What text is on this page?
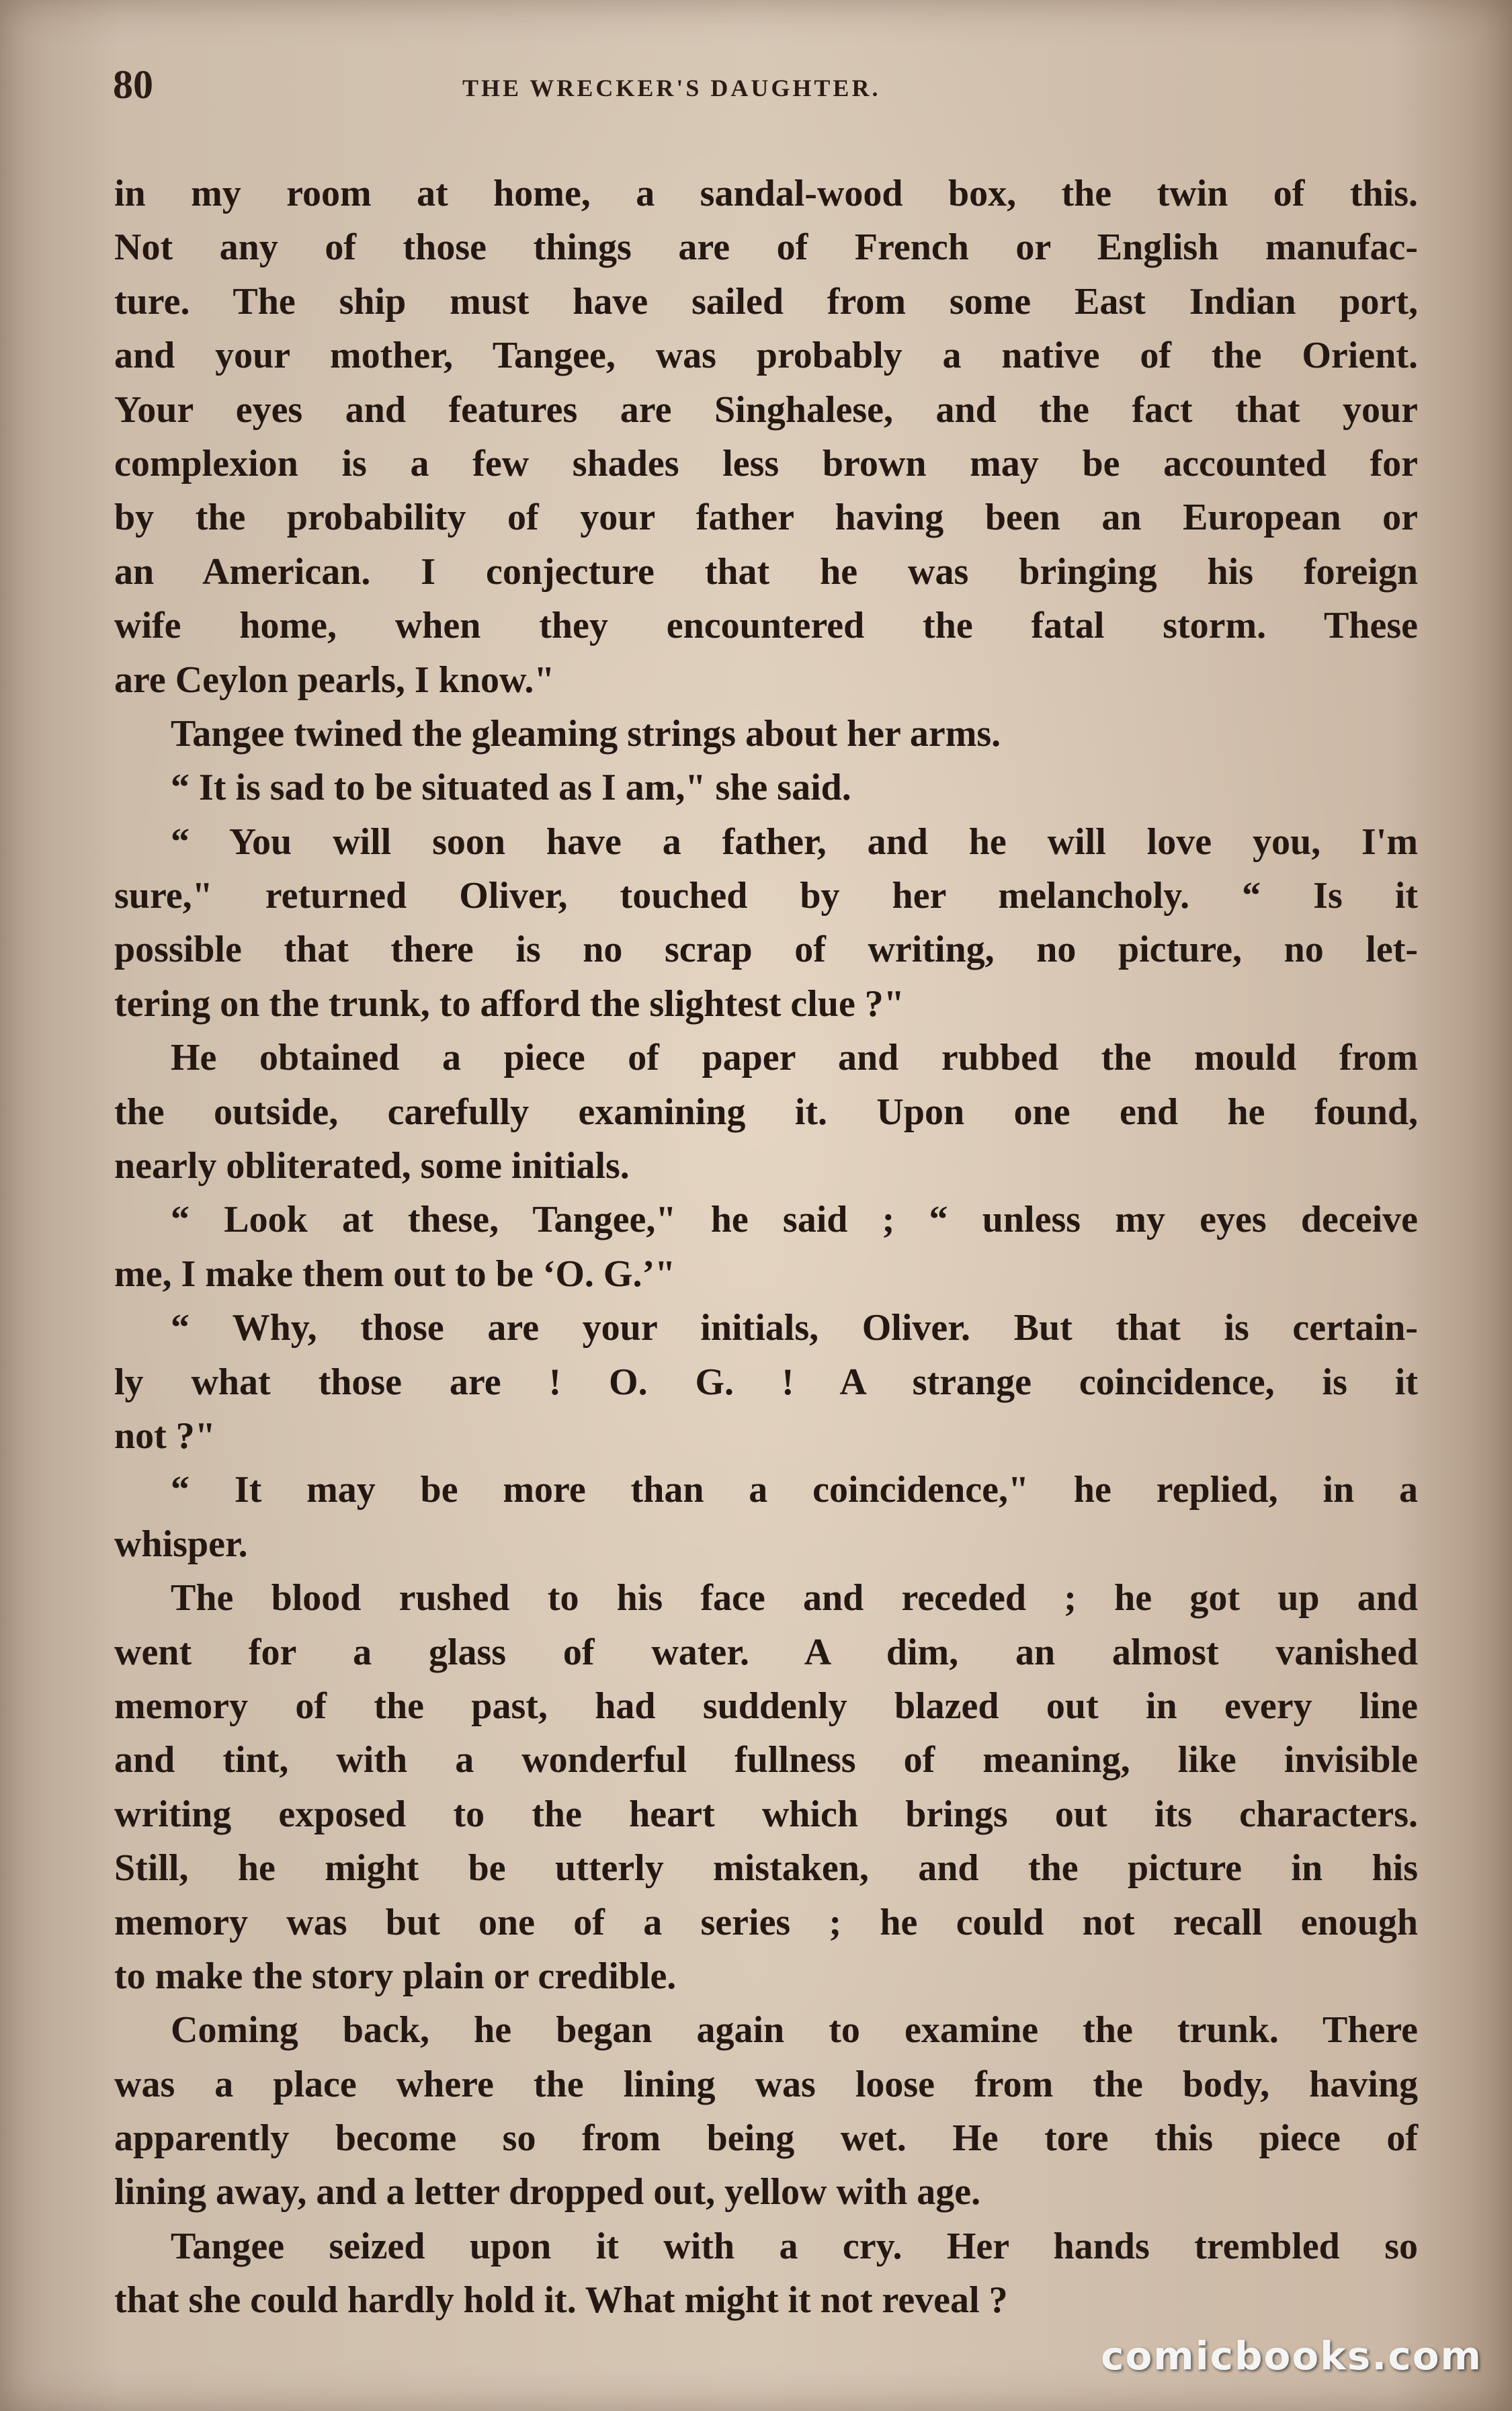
80	THE WRECKER'S DAUGHTER.
in my room at home, a sandal-wood box, the twin of this.
Not any of those things are of French or English manufac-
ture. The ship must have sailed from some East Indian port,
and your mother, Tangee, was probably a native of the Orient.
Your eyes and features are Singhalese, and the fact that your
complexion is a few shades less brown may be accounted for
by the probability of your father having been an European or
an American. I conjecture that he was bringing his foreign
wife home, when they encountered the fatal storm. These
are Ceylon pearls, I know."
Tangee twined the gleaming strings about her arms.
“ It is sad to be situated as I am," she said.
“ You will soon have a father, and he will love you, I'm
sure," returned Oliver, touched by her melancholy. “ Is it
possible that there is no scrap of writing, no picture, no let-
tering on the trunk, to afford the slightest clue ?"
He obtained a piece of paper and rubbed the mould from
the outside, carefully examining it. Upon one end he found,
nearly obliterated, some initials.
“ Look at these, Tangee," he said ; “ unless my eyes deceive
me, I make them out to be ‘O. G.’"
“ Why, those are your initials, Oliver. But that is certain-
ly what those are ! O. G. ! A strange coincidence, is it
not ?"
“ It may be more than a coincidence," he replied, in a
whisper.
The blood rushed to his face and receded ; he got up and
went for a glass of water. A dim, an almost vanished
memory of the past, had suddenly blazed out in every line
and tint, with a wonderful fullness of meaning, like invisible
writing exposed to the heart which brings out its characters.
Still, he might be utterly mistaken, and the picture in his
memory was but one of a series ; he could not recall enough
to make the story plain or credible.
Coming back, he began again to examine the trunk. There
was a place where the lining was loose from the body, having
apparently become so from being wet. He tore this piece of
lining away, and a letter dropped out, yellow with age.
Tangee seized upon it with a cry. Her hands trembled so
that she could hardly hold it. What might it not reveal ?
comicbooks.com
